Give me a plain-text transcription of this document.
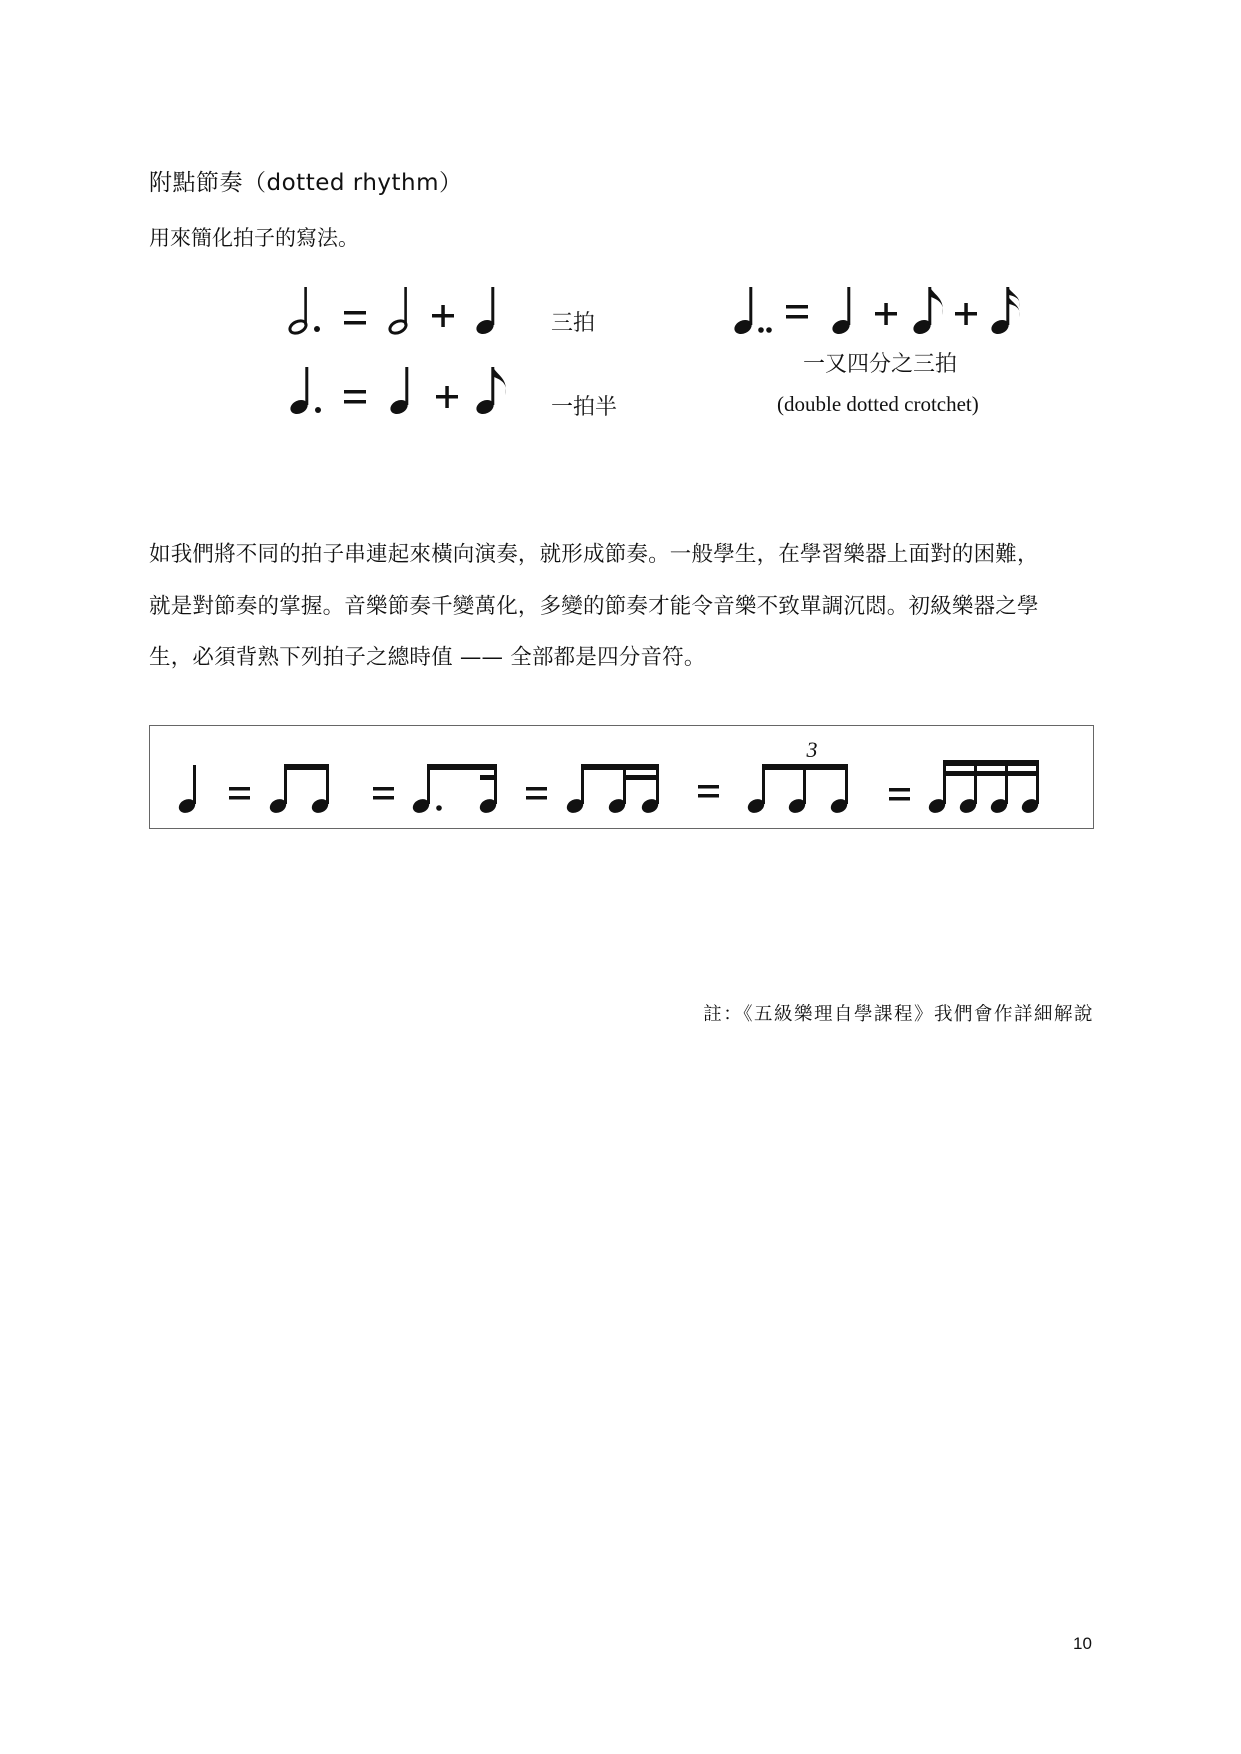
附點節奏（dotted rhythm）
用來簡化拍子的寫法。
三拍
一拍半
一又四分之三拍
(double dotted crotchet)
如我們將不同的拍子串連起來橫向演奏，就形成節奏。一般學生，在學習樂器上面對的困難，
就是對節奏的掌握。音樂節奏千變萬化，多變的節奏才能令音樂不致單調沉悶。初級樂器之學
生，必須背熟下列拍子之總時值 —— 全部都是四分音符。
3
註：《五級樂理自學課程》我們會作詳細解說
10
